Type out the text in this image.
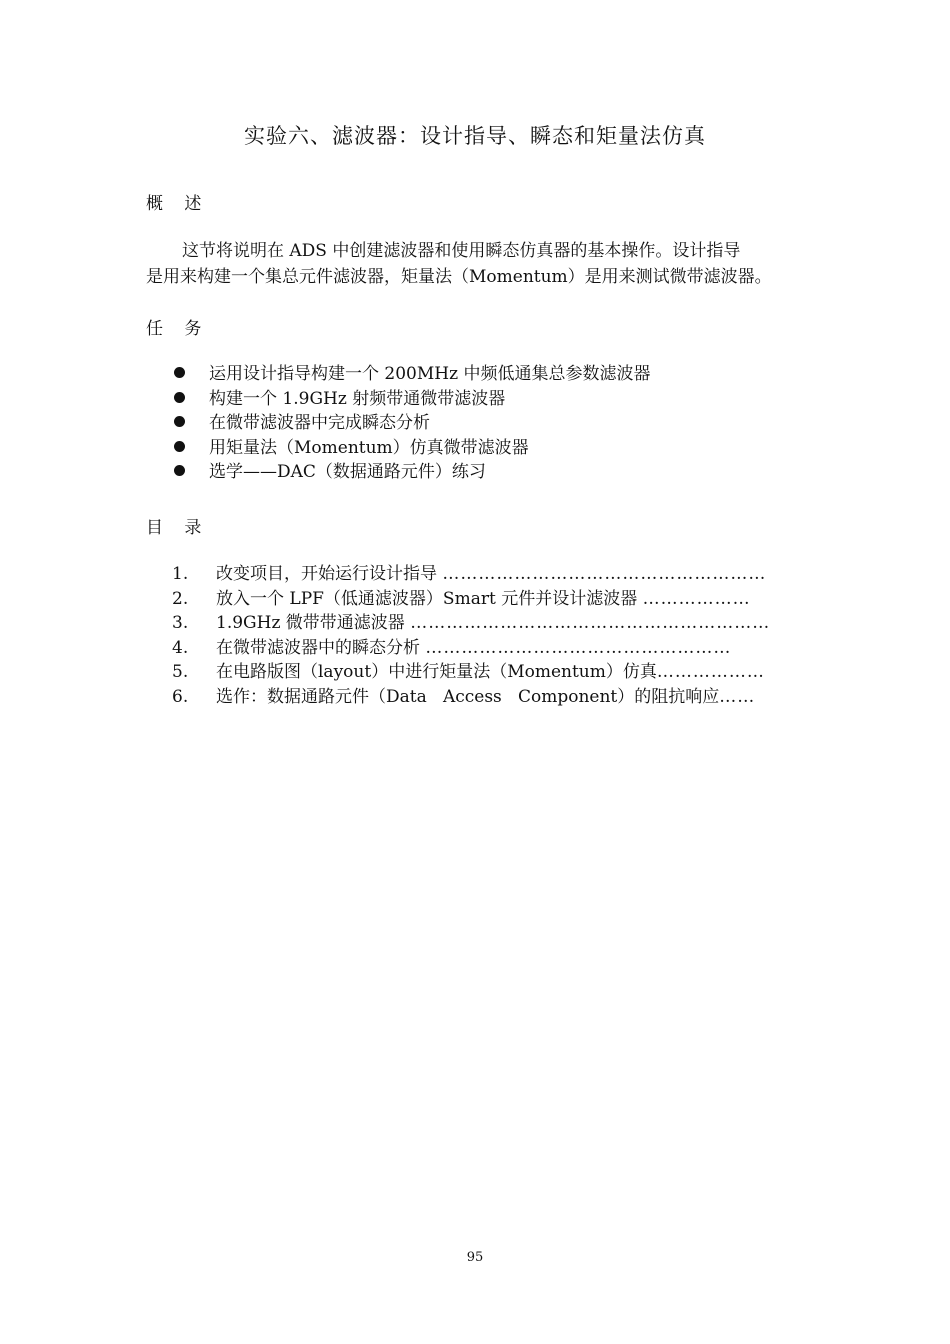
实验六、滤波器：设计指导、瞬态和矩量法仿真
概 述
这节将说明在 ADS 中创建滤波器和使用瞬态仿真器的基本操作。设计指导
是用来构建一个集总元件滤波器，矩量法（Momentum）是用来测试微带滤波器。
任 务
运用设计指导构建一个 200MHz 中频低通集总参数滤波器
构建一个 1.9GHz 射频带通微带滤波器
在微带滤波器中完成瞬态分析
用矩量法（Momentum）仿真微带滤波器
选学——DAC（数据通路元件）练习
目 录
1. 改变项目，开始运行设计指导 ………………………………………………
2. 放入一个 LPF（低通滤波器）Smart 元件并设计滤波器 ………………
3. 1.9GHz 微带带通滤波器 ……………………………………………………
4. 在微带滤波器中的瞬态分析 ……………………………………………
5. 在电路版图（layout）中进行矩量法（Momentum）仿真………………
6. 选作：数据通路元件（Data   Access   Component）的阻抗响应……
95
